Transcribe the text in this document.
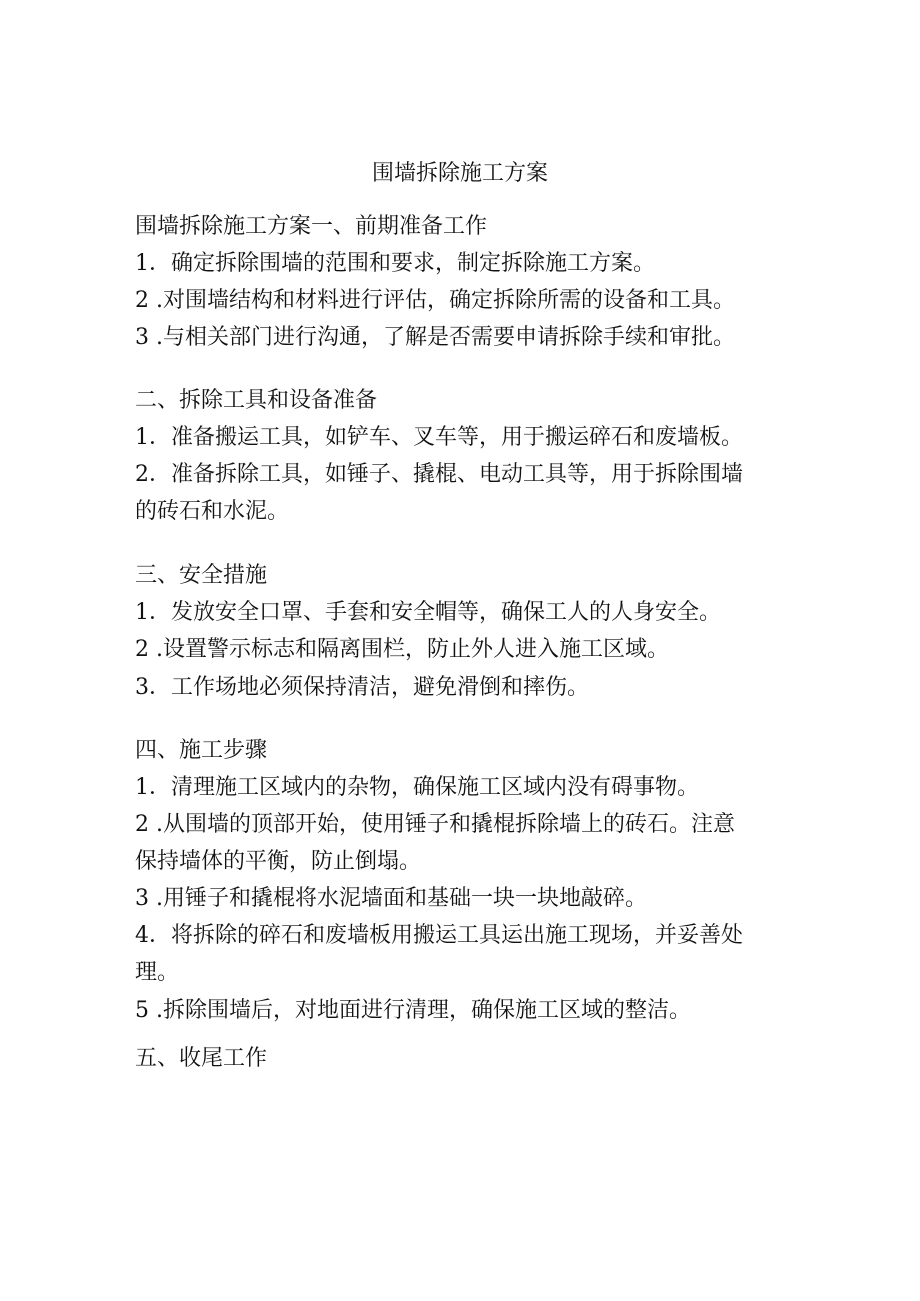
围墙拆除施工方案
围墙拆除施工方案一、前期准备工作
1．确定拆除围墙的范围和要求，制定拆除施工方案。
2 .对围墙结构和材料进行评估，确定拆除所需的设备和工具。
3 .与相关部门进行沟通，了解是否需要申请拆除手续和审批。
二、拆除工具和设备准备
1．准备搬运工具，如铲车、叉车等，用于搬运碎石和废墙板。
2．准备拆除工具，如锤子、撬棍、电动工具等，用于拆除围墙
的砖石和水泥。
三、安全措施
1．发放安全口罩、手套和安全帽等，确保工人的人身安全。
2 .设置警示标志和隔离围栏，防止外人进入施工区域。
3．工作场地必须保持清洁，避免滑倒和摔伤。
四、施工步骤
1．清理施工区域内的杂物，确保施工区域内没有碍事物。
2 .从围墙的顶部开始，使用锤子和撬棍拆除墙上的砖石。注意
保持墙体的平衡，防止倒塌。
3 .用锤子和撬棍将水泥墙面和基础一块一块地敲碎。
4．将拆除的碎石和废墙板用搬运工具运出施工现场，并妥善处
理。
5 .拆除围墙后，对地面进行清理，确保施工区域的整洁。
五、收尾工作
